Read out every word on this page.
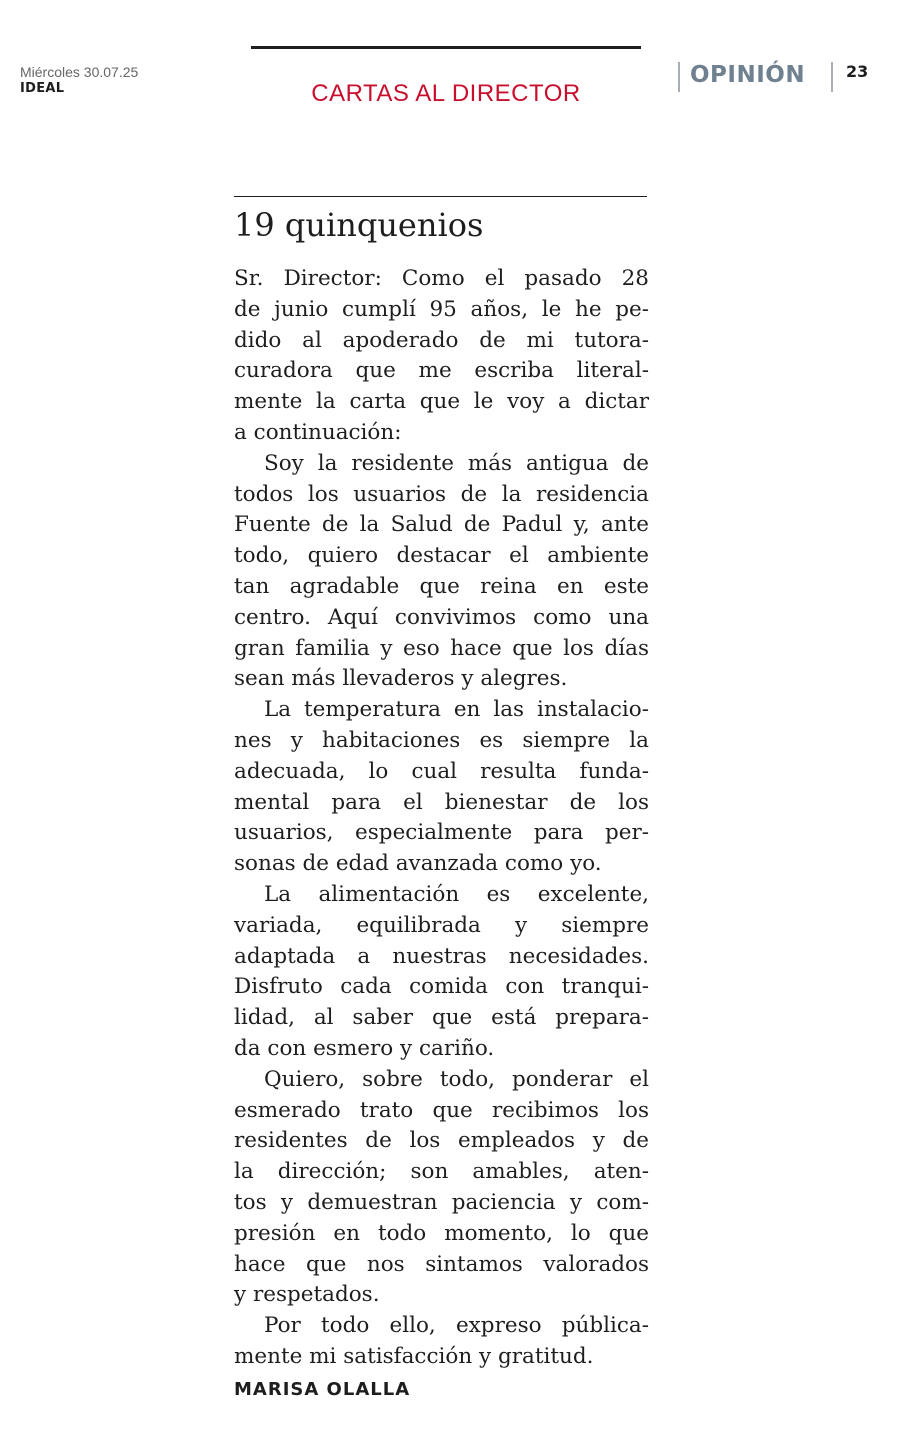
Miércoles 30.07.25
IDEAL	CARTAS AL DIRECTOR
OPINIÓN	23
19 quinquenios

Sr. Director: Como el pasado 28
de junio cumplí 95 años, le he pe-
dido al apoderado de mi tutora-
curadora que me escriba literal-
mente la carta que le voy a dictar
a continuación:

Soy la residente más antigua de
todos los usuarios de la residencia
Fuente de la Salud de Padul y, ante
todo, quiero destacar el ambiente
tan agradable que reina en este
centro. Aquí convivimos como una
gran familia y eso hace que los días
sean más llevaderos y alegres.

La temperatura en las instalacio-
nes y habitaciones es siempre la
adecuada, lo cual resulta funda-
mental para el bienestar de los
usuarios, especialmente para per-
sonas de edad avanzada como yo.

La alimentación es excelente,
variada, equilibrada y siempre
adaptada a nuestras necesidades.
Disfruto cada comida con tranqui-
lidad, al saber que está prepara-
da con esmero y cariño.

Quiero, sobre todo, ponderar el
esmerado trato que recibimos los
residentes de los empleados y de
la dirección; son amables, aten-
tos y demuestran paciencia y com-
presión en todo momento, lo que
hace que nos sintamos valorados
y respetados.

Por todo ello, expreso pública-
mente mi satisfacción y gratitud.

MARISA OLALLA
